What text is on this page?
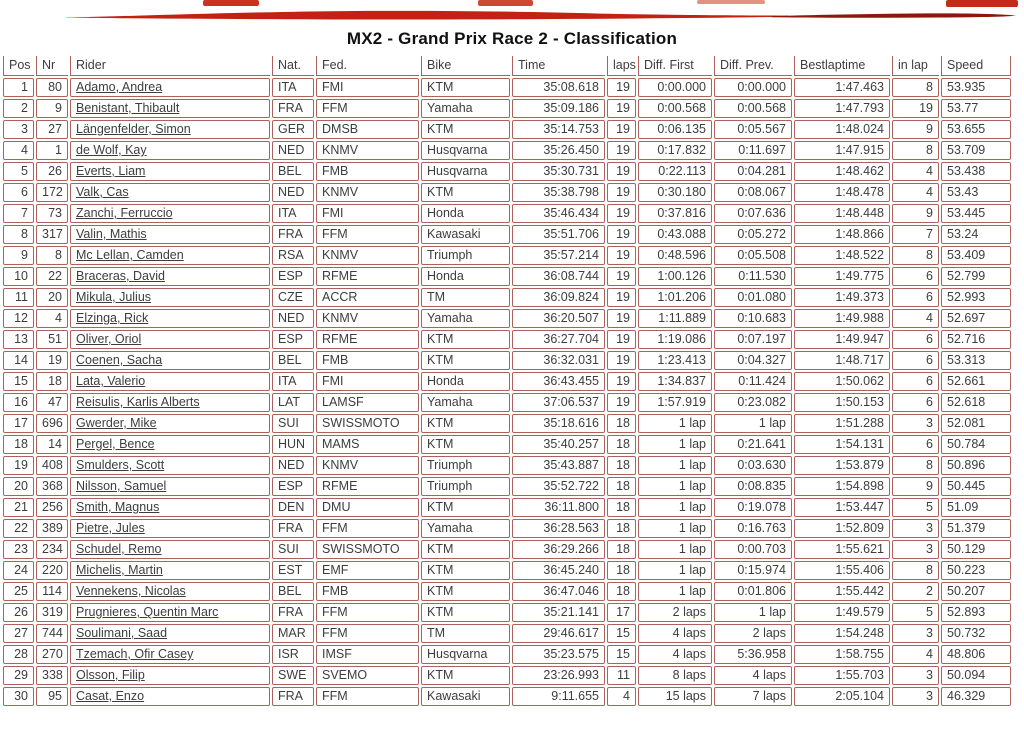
MX2 - Grand Prix Race 2 - Classification
Pos	Nr	Rider	Nat.	Fed.	Bike	Time	laps	Diff. First	Diff. Prev.	Bestlaptime	in lap	Speed
1	80	Adamo, Andrea	ITA	FMI	KTM	35:08.618	19	0:00.000	0:00.000	1:47.463	8	53.935
2	9	Benistant, Thibault	FRA	FFM	Yamaha	35:09.186	19	0:00.568	0:00.568	1:47.793	19	53.77
3	27	Längenfelder, Simon	GER	DMSB	KTM	35:14.753	19	0:06.135	0:05.567	1:48.024	9	53.655
4	1	de Wolf, Kay	NED	KNMV	Husqvarna	35:26.450	19	0:17.832	0:11.697	1:47.915	8	53.709
5	26	Everts, Liam	BEL	FMB	Husqvarna	35:30.731	19	0:22.113	0:04.281	1:48.462	4	53.438
6	172	Valk, Cas	NED	KNMV	KTM	35:38.798	19	0:30.180	0:08.067	1:48.478	4	53.43
7	73	Zanchi, Ferruccio	ITA	FMI	Honda	35:46.434	19	0:37.816	0:07.636	1:48.448	9	53.445
8	317	Valin, Mathis	FRA	FFM	Kawasaki	35:51.706	19	0:43.088	0:05.272	1:48.866	7	53.24
9	8	Mc Lellan, Camden	RSA	KNMV	Triumph	35:57.214	19	0:48.596	0:05.508	1:48.522	8	53.409
10	22	Braceras, David	ESP	RFME	Honda	36:08.744	19	1:00.126	0:11.530	1:49.775	6	52.799
11	20	Mikula, Julius	CZE	ACCR	TM	36:09.824	19	1:01.206	0:01.080	1:49.373	6	52.993
12	4	Elzinga, Rick	NED	KNMV	Yamaha	36:20.507	19	1:11.889	0:10.683	1:49.988	4	52.697
13	51	Oliver, Oriol	ESP	RFME	KTM	36:27.704	19	1:19.086	0:07.197	1:49.947	6	52.716
14	19	Coenen, Sacha	BEL	FMB	KTM	36:32.031	19	1:23.413	0:04.327	1:48.717	6	53.313
15	18	Lata, Valerio	ITA	FMI	Honda	36:43.455	19	1:34.837	0:11.424	1:50.062	6	52.661
16	47	Reisulis, Karlis Alberts	LAT	LAMSF	Yamaha	37:06.537	19	1:57.919	0:23.082	1:50.153	6	52.618
17	696	Gwerder, Mike	SUI	SWISSMOTO	KTM	35:18.616	18	1 lap	1 lap	1:51.288	3	52.081
18	14	Pergel, Bence	HUN	MAMS	KTM	35:40.257	18	1 lap	0:21.641	1:54.131	6	50.784
19	408	Smulders, Scott	NED	KNMV	Triumph	35:43.887	18	1 lap	0:03.630	1:53.879	8	50.896
20	368	Nilsson, Samuel	ESP	RFME	Triumph	35:52.722	18	1 lap	0:08.835	1:54.898	9	50.445
21	256	Smith, Magnus	DEN	DMU	KTM	36:11.800	18	1 lap	0:19.078	1:53.447	5	51.09
22	389	Pietre, Jules	FRA	FFM	Yamaha	36:28.563	18	1 lap	0:16.763	1:52.809	3	51.379
23	234	Schudel, Remo	SUI	SWISSMOTO	KTM	36:29.266	18	1 lap	0:00.703	1:55.621	3	50.129
24	220	Michelis, Martin	EST	EMF	KTM	36:45.240	18	1 lap	0:15.974	1:55.406	8	50.223
25	114	Vennekens, Nicolas	BEL	FMB	KTM	36:47.046	18	1 lap	0:01.806	1:55.442	2	50.207
26	319	Prugnieres, Quentin Marc	FRA	FFM	KTM	35:21.141	17	2 laps	1 lap	1:49.579	5	52.893
27	744	Soulimani, Saad	MAR	FFM	TM	29:46.617	15	4 laps	2 laps	1:54.248	3	50.732
28	270	Tzemach, Ofir Casey	ISR	IMSF	Husqvarna	35:23.575	15	4 laps	5:36.958	1:58.755	4	48.806
29	338	Olsson, Filip	SWE	SVEMO	KTM	23:26.993	11	8 laps	4 laps	1:55.703	3	50.094
30	95	Casat, Enzo	FRA	FFM	Kawasaki	9:11.655	4	15 laps	7 laps	2:05.104	3	46.329
